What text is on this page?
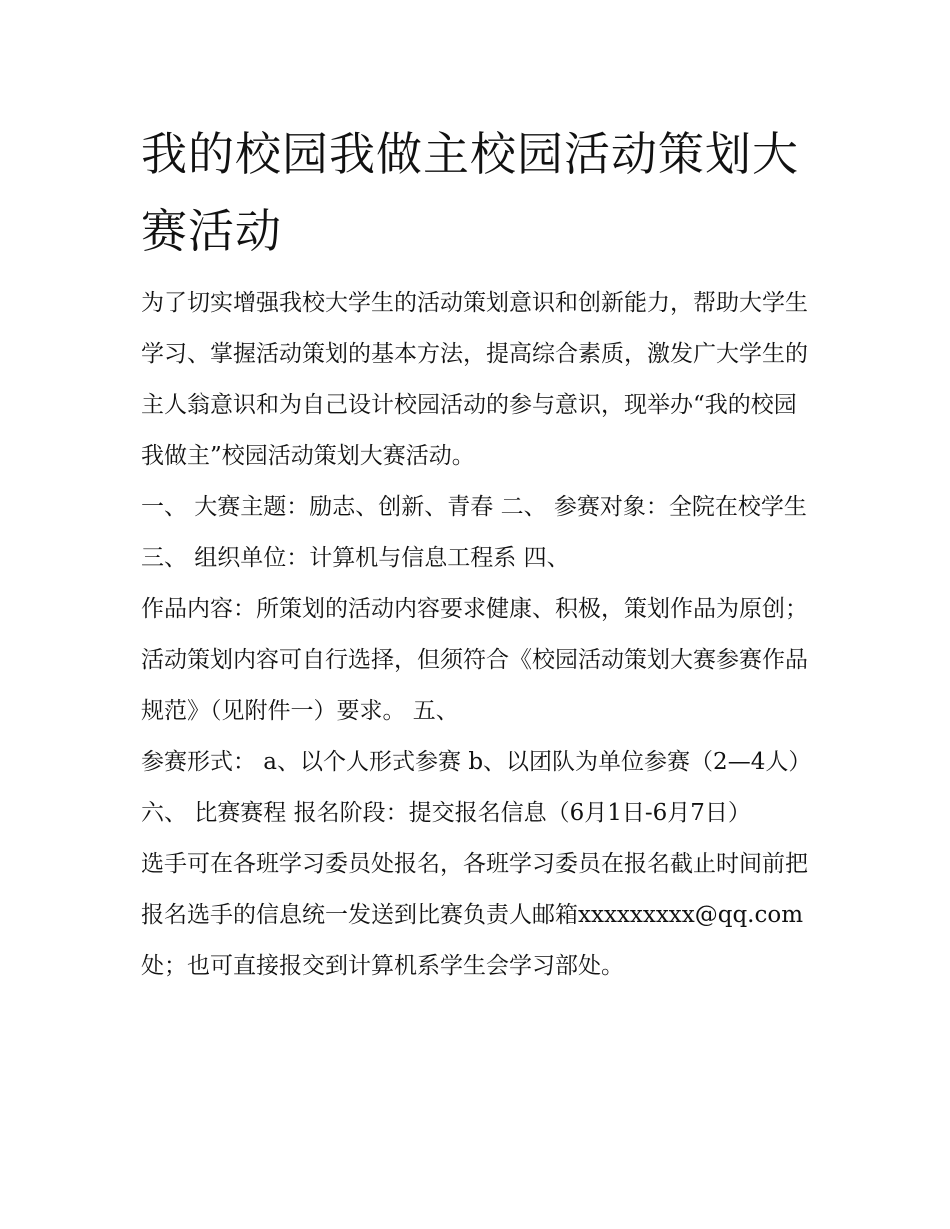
我的校园我做主校园活动策划大赛活动

为了切实增强我校大学生的活动策划意识和创新能力，帮助大学生学习、掌握活动策划的基本方法，提高综合素质，激发广大学生的主人翁意识和为自己设计校园活动的参与意识，现举办“我的校园我做主”校园活动策划大赛活动。

一、 大赛主题：励志、创新、青春 二、 参赛对象：全院在校学生 三、 组织单位：计算机与信息工程系 四、

作品内容：所策划的活动内容要求健康、积极，策划作品为原创；活动策划内容可自行选择，但须符合《校园活动策划大赛参赛作品规范》（见附件一）要求。 五、

参赛形式： a、以个人形式参赛 b、以团队为单位参赛（2—4人） 六、 比赛赛程 报名阶段：提交报名信息（6月1日-6月7日）

选手可在各班学习委员处报名，各班学习委员在报名截止时间前把报名选手的信息统一发送到比赛负责人邮箱xxxxxxxxx@qq.com处；也可直接报交到计算机系学生会学习部处。
